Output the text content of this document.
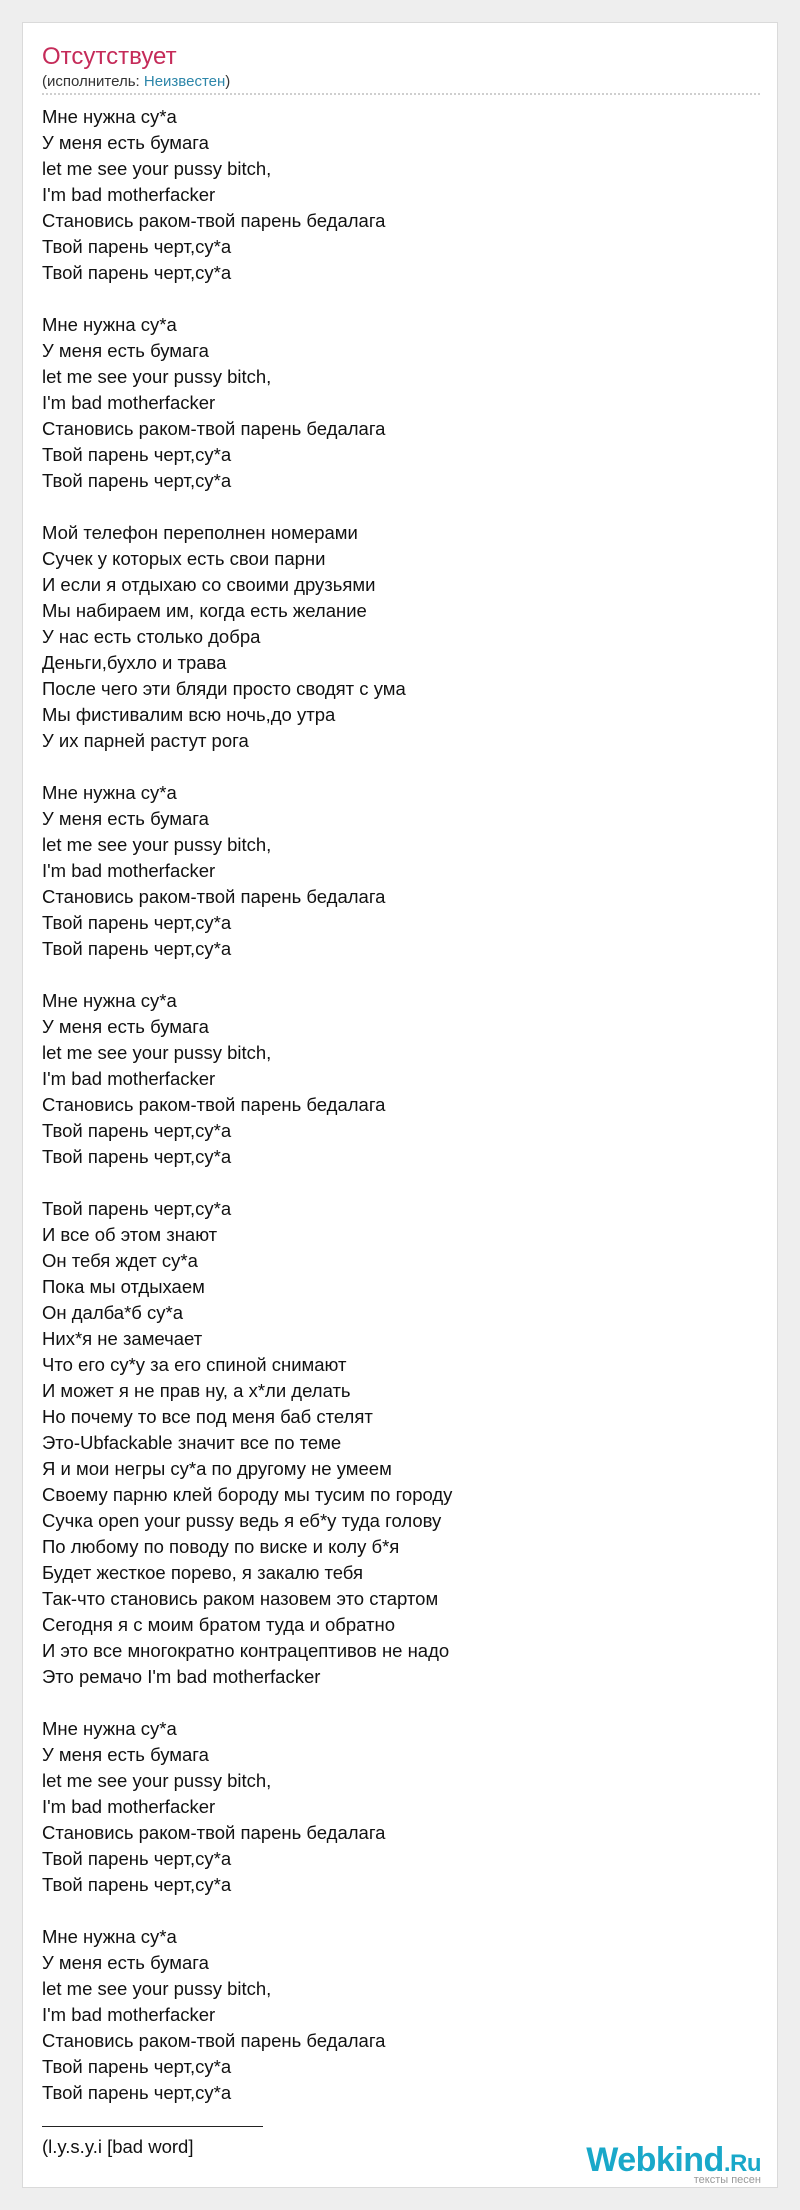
Отсутствует
(исполнитель: Неизвестен)
Мне нужна су*а
У меня есть бумага
let me see your pussy bitch,
I'm bad motherfacker
Становись раком-твой парень бедалага
Твой парень черт,су*а
Твой парень черт,су*а
Мне нужна су*а
У меня есть бумага
let me see your pussy bitch,
I'm bad motherfacker
Становись раком-твой парень бедалага
Твой парень черт,су*а
Твой парень черт,су*а
Мой телефон переполнен номерами
Сучек у которых есть свои парни
И если я отдыхаю со своими друзьями
Мы набираем им, когда есть желание
У нас есть столько добра
Деньги,бухло и трава
После чего эти бляди просто сводят с ума
Мы фистивалим всю ночь,до утра
У их парней растут рога
Мне нужна су*а
У меня есть бумага
let me see your pussy bitch,
I'm bad motherfacker
Становись раком-твой парень бедалага
Твой парень черт,су*а
Твой парень черт,су*а
Мне нужна су*а
У меня есть бумага
let me see your pussy bitch,
I'm bad motherfacker
Становись раком-твой парень бедалага
Твой парень черт,су*а
Твой парень черт,су*а
Твой парень черт,су*а
И все об этом знают
Он тебя ждет су*а
Пока мы отдыхаем
Он далба*б су*а
Них*я не замечает
Что его су*у за его спиной снимают
И может я не прав ну, а х*ли делать
Но почему то все под меня баб стелят
Это-Ubfackable значит все по теме
Я и мои негры су*а по другому не умеем
Своему парню клей бороду мы тусим по городу
Сучка open your pussy ведь я еб*у туда голову
По любому по поводу по виске и колу б*я
Будет жесткое порево, я закалю тебя
Так-что становись раком назовем это стартом
Сегодня я с моим братом туда и обратно
И это все многократно контрацептивов не надо
Это ремачо I'm bad motherfacker
Мне нужна су*а
У меня есть бумага
let me see your pussy bitch,
I'm bad motherfacker
Становись раком-твой парень бедалага
Твой парень черт,су*а
Твой парень черт,су*а
Мне нужна су*а
У меня есть бумага
let me see your pussy bitch,
I'm bad motherfacker
Становись раком-твой парень бедалага
Твой парень черт,су*а
Твой парень черт,су*а
(l.y.s.y.i [bad word]	Webkind.Ru
тексты песен
